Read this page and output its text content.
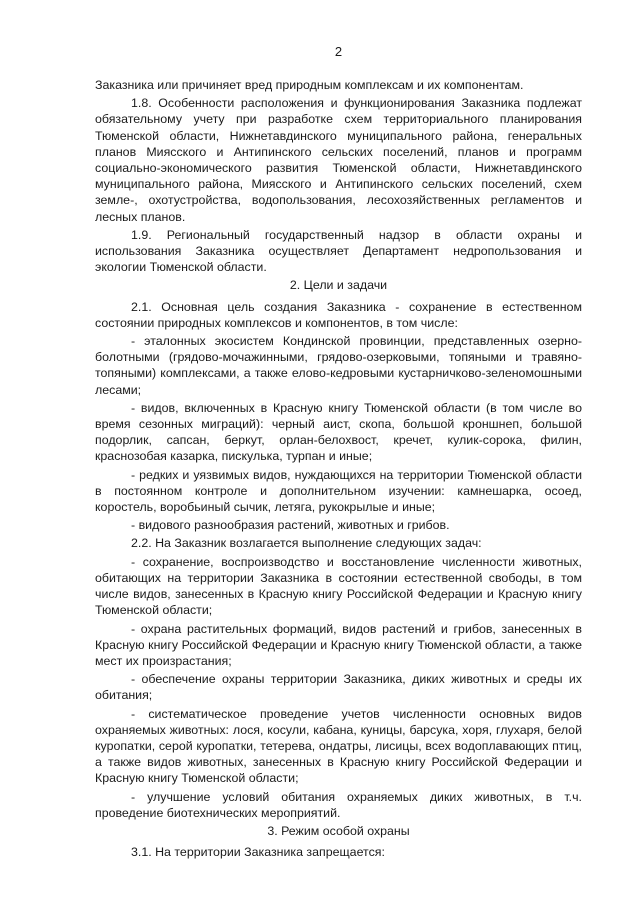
2

Заказника или причиняет вред природным комплексам и их компонентам.

1.8. Особенности расположения и функционирования Заказника подлежат обязательному учету при разработке схем территориального планирования Тюменской области, Нижнетавдинского муниципального района, генеральных планов Миясского и Антипинского сельских поселений, планов и программ социально-экономического развития Тюменской области, Нижнетавдинского муниципального района, Миясского и Антипинского сельских поселений, схем земле-, охотустройства, водопользования, лесохозяйственных регламентов и лесных планов.

1.9. Региональный государственный надзор в области охраны и использования Заказника осуществляет Департамент недропользования и экологии Тюменской области.

2. Цели и задачи

2.1. Основная цель создания Заказника - сохранение в естественном состоянии природных комплексов и компонентов, в том числе:

- эталонных экосистем Кондинской провинции, представленных озерно-болотными (грядово-мочажинными, грядово-озерковыми, топяными и травяно-топяными) комплексами, а также елово-кедровыми кустарничково-зеленомошными лесами;

- видов, включенных в Красную книгу Тюменской области (в том числе во время сезонных миграций): черный аист, скопа, большой кроншнеп, большой подорлик, сапсан, беркут, орлан-белохвост, кречет, кулик-сорока, филин, краснозобая казарка, пискулька, турпан и иные;

- редких и уязвимых видов, нуждающихся на территории Тюменской области в постоянном контроле и дополнительном изучении: камнешарка, осоед, коростель, воробьиный сычик, летяга, рукокрылые и иные;

- видового разнообразия растений, животных и грибов.

2.2. На Заказник возлагается выполнение следующих задач:

- сохранение, воспроизводство и восстановление численности животных, обитающих на территории Заказника в состоянии естественной свободы, в том числе видов, занесенных в Красную книгу Российской Федерации и Красную книгу Тюменской области;

- охрана растительных формаций, видов растений и грибов, занесенных в Красную книгу Российской Федерации и Красную книгу Тюменской области, а также мест их произрастания;

- обеспечение охраны территории Заказника, диких животных и среды их обитания;

- систематическое проведение учетов численности основных видов охраняемых животных: лося, косули, кабана, куницы, барсука, хоря, глухаря, белой куропатки, серой куропатки, тетерева, ондатры, лисицы, всех водоплавающих птиц, а также видов животных, занесенных в Красную книгу Российской Федерации и Красную книгу Тюменской области;

- улучшение условий обитания охраняемых диких животных, в т.ч. проведение биотехнических мероприятий.

3. Режим особой охраны

3.1. На территории Заказника запрещается:
